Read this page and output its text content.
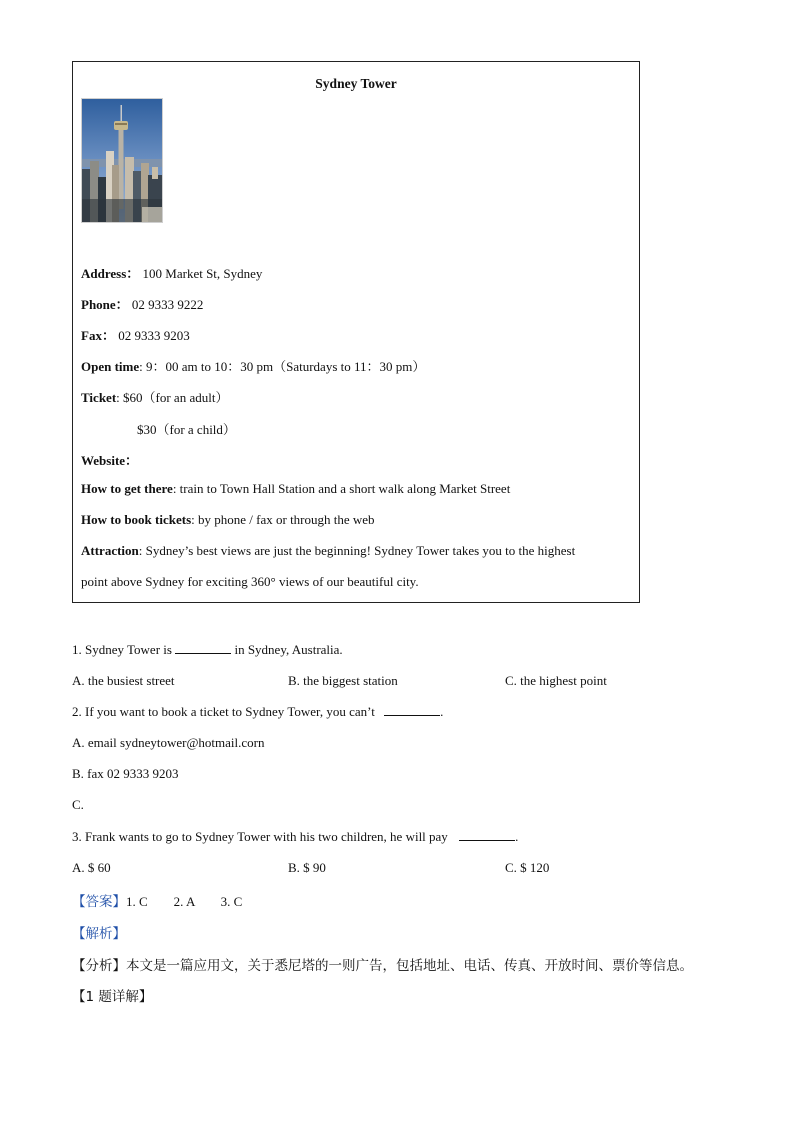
Sydney Tower
Address： 100 Market St, Sydney
Phone： 02 9333 9222
Fax： 02 9333 9203
Open time: 9：00 am to 10：30 pm（Saturdays to 11：30 pm）
Ticket: $60（for an adult）
$30（for a child）
Website：
How to get there: train to Town Hall Station and a short walk along Market Street
How to book tickets: by phone / fax or through the web
Attraction: Sydney’s best views are just the beginning! Sydney Tower takes you to the highest
point above Sydney for exciting 360° views of our beautiful city.
1. Sydney Tower is	in Sydney, Australia.
A. the busiest street	B. the biggest station	C. the highest point
2. If you want to book a ticket to Sydney Tower, you can’t	.
A. email sydneytower@hotmail.corn
B. fax 02 9333 9203
C.
3. Frank wants to go to Sydney Tower with his two children, he will pay	.
A. $ 60	B. $ 90	C. $ 120
【答案】1. C        2. A        3. C
【解析】
【分析】本文是一篇应用文，关于悉尼塔的一则广告，包括地址、电话、传真、开放时间、票价等信息。
【1 题详解】
